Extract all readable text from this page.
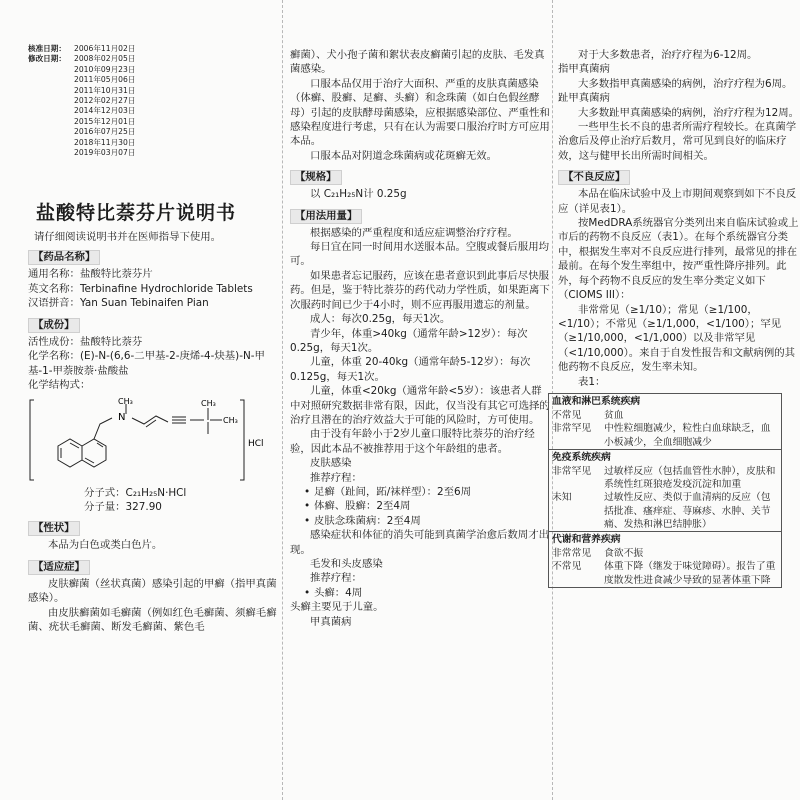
核准日期：	2006年11月02日
修改日期：	2008年02月05日
2010年09月23日
2011年05月06日
2011年10月31日
2012年02月27日
2014年12月03日
2015年12月01日
2016年07月25日
2018年11月30日
2019年03月07日
盐酸特比萘芬片说明书
请仔细阅读说明书并在医师指导下使用。
【药品名称】

通用名称：盐酸特比萘芬片

英文名称：Terbinafine Hydrochloride Tablets

汉语拼音：Yan Suan Tebinaifen Pian

【成份】

活性成份：盐酸特比萘芬

化学名称：(E)-N-(6,6-二甲基-2-庚烯-4-炔基)-N-甲基-1-甲萘胺萘·盐酸盐

化学结构式：

N
CH₃	CH₃
CH₃
HCl
分子式：C₂₁H₂₅N·HCl
分子量：327.90
【性状】

本品为白色或类白色片。

【适应症】

皮肤癣菌（丝状真菌）感染引起的甲癣（指甲真菌感染）。

由皮肤癣菌如毛癣菌（例如红色毛癣菌、须癣毛癣菌、疣状毛癣菌、断发毛癣菌、紫色毛

癣菌）、犬小孢子菌和絮状表皮癣菌引起的皮肤、毛发真菌感染。

口服本品仅用于治疗大面积、严重的皮肤真菌感染（体癣、股癣、足癣、头癣）和念珠菌（如白色假丝酵母）引起的皮肤酵母菌感染，应根据感染部位、严重性和感染程度进行考虑，只有在认为需要口服治疗时方可应用本品。

口服本品对阴道念珠菌病或花斑癣无效。

【规格】

以 C₂₁H₂₅N计 0.25g

【用法用量】

根据感染的严重程度和适应症调整治疗疗程。

每日宜在同一时间用水送服本品。空腹或餐后服用均可。

如果患者忘记服药，应该在患者意识到此事后尽快服药。但是，鉴于特比萘芬的药代动力学性质，如果距离下次服药时间已少于4小时，则不应再服用遗忘的剂量。

成人：每次0.25g，每天1次。

青少年，体重>40kg（通常年龄>12岁）：每次0.25g，每天1次。

儿童，体重 20-40kg（通常年龄5-12岁）：每次0.125g，每天1次。

儿童，体重<20kg（通常年龄<5岁）：该患者人群中对照研究数据非常有限，因此，仅当没有其它可选择的治疗且潜在的治疗效益大于可能的风险时，方可使用。

由于没有年龄小于2岁儿童口服特比萘芬的治疗经验，因此本品不被推荐用于这个年龄组的患者。

皮肤感染

推荐疗程：

• 足癣（趾间，跖/袜样型）：2至6周
• 体癣、股癣：2至4周
• 皮肤念珠菌病：2至4周

感染症状和体征的消失可能到真菌学治愈后数周才出现。

毛发和头皮感染

推荐疗程：

• 头癣：4周

头癣主要见于儿童。

甲真菌病

对于大多数患者，治疗疗程为6-12周。

指甲真菌病

大多数指甲真菌感染的病例，治疗疗程为6周。

趾甲真菌病

大多数趾甲真菌感染的病例，治疗疗程为12周。

一些甲生长不良的患者所需疗程较长。在真菌学治愈后及停止治疗后数月，常可见到良好的临床疗效，这与健甲长出所需时间相关。

【不良反应】

本品在临床试验中及上市期间观察到如下不良反应（详见表1）。

按MedDRA系统器官分类列出来自临床试验或上市后的药物不良反应（表1）。在每个系统器官分类中，根据发生率对不良反应进行排列，最常见的排在最前。在每个发生率组中，按严重性降序排列。此外，每个药物不良反应的发生率分类定义如下（CIOMS III）：

非常常见（≥1/10）；常见（≥1/100，<1/10）；不常见（≥1/1,000，<1/100）；罕见（≥1/10,000，<1/1,000）以及非常罕见（<1/10,000）。来自于自发性报告和文献病例的其他药物不良反应，发生率未知。

表1：

血液和淋巴系统疾病
不常见	贫血
非常罕见	中性粒细胞减少，粒性白血球缺乏，血小板减少，全血细胞减少
免疫系统疾病
非常罕见	过敏样反应（包括血管性水肿），皮肤和系统性红斑狼疮发疫沉淀和加重
未知	过敏性反应、类似于血清病的反应（包括批准、瘙痒症、荨麻疹、水肿、关节痛、发热和淋巴结肿胀）
代谢和营养疾病
非常常见	食欲不振
不常见	体重下降（继发于味觉障碍）。报告了重度散发性进食减少导致的显著体重下降
